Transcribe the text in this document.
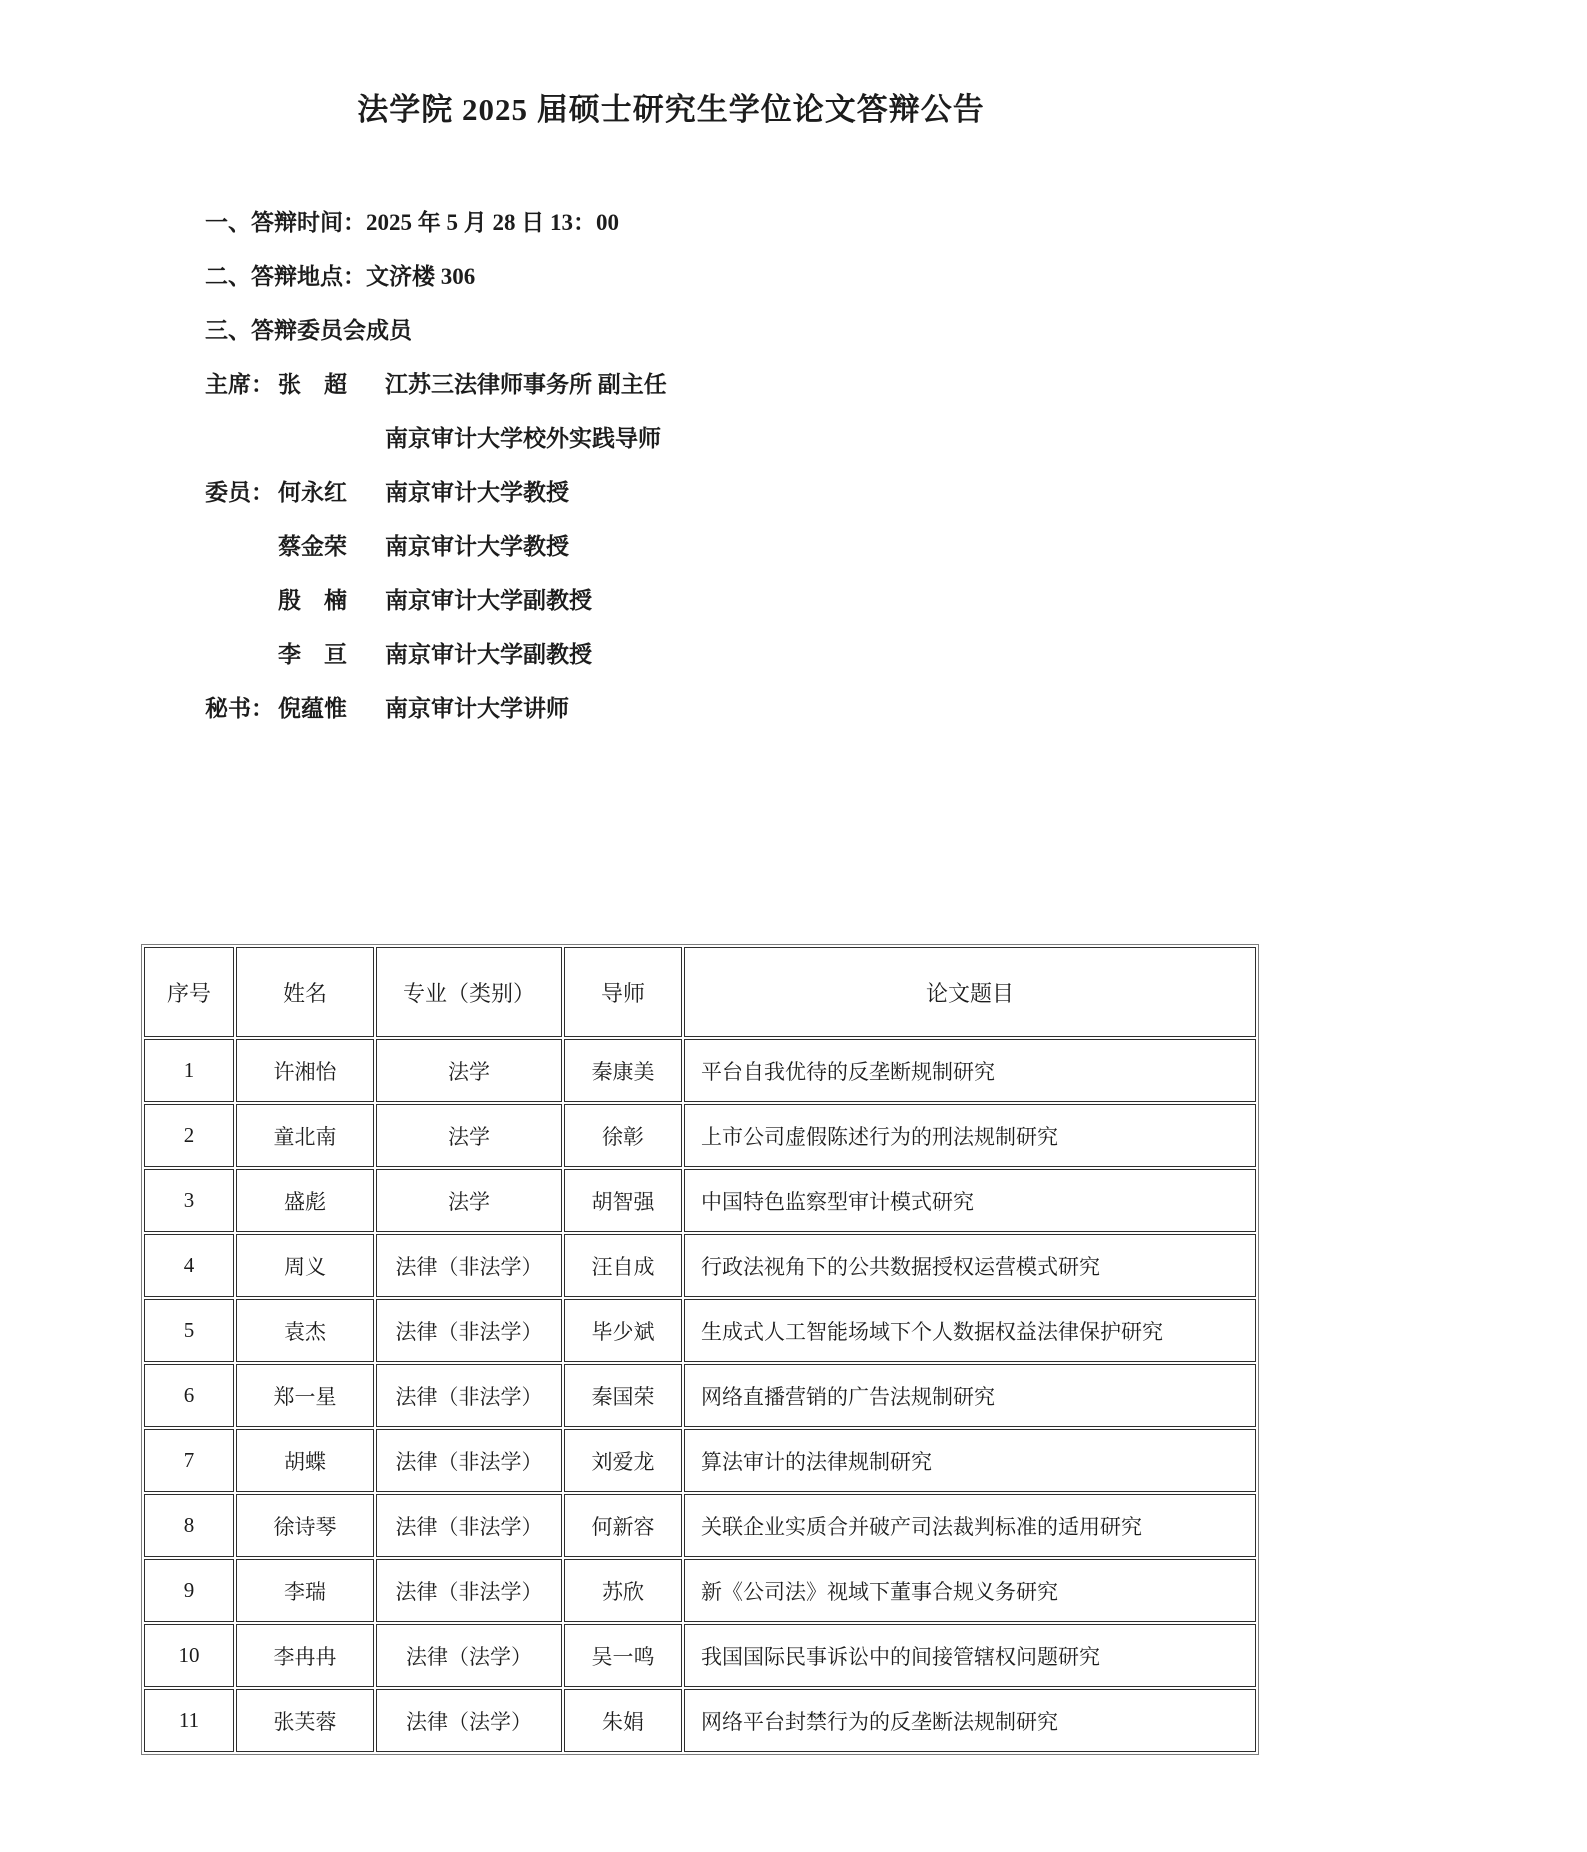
法学院 2025 届硕士研究生学位论文答辩公告

一、答辩时间：2025 年 5 月 28 日 13：00

二、答辩地点：文济楼 306

三、答辩委员会成员

主席： 张　超	江苏三法律师事务所 副主任
南京审计大学校外实践导师
委员： 何永红	南京审计大学教授
蔡金荣	南京审计大学教授
殷　楠	南京审计大学副教授
李　亘	南京审计大学副教授
秘书： 倪蕴惟	南京审计大学讲师
序号	姓名	专业（类别）	导师	论文题目
1	许湘怡	法学	秦康美	平台自我优待的反垄断规制研究
2	童北南	法学	徐彰	上市公司虚假陈述行为的刑法规制研究
3	盛彪	法学	胡智强	中国特色监察型审计模式研究
4	周义	法律（非法学）	汪自成	行政法视角下的公共数据授权运营模式研究
5	袁杰	法律（非法学）	毕少斌	生成式人工智能场域下个人数据权益法律保护研究
6	郑一星	法律（非法学）	秦国荣	网络直播营销的广告法规制研究
7	胡蝶	法律（非法学）	刘爱龙	算法审计的法律规制研究
8	徐诗琴	法律（非法学）	何新容	关联企业实质合并破产司法裁判标准的适用研究
9	李瑞	法律（非法学）	苏欣	新《公司法》视域下董事合规义务研究
10	李冉冉	法律（法学）	吴一鸣	我国国际民事诉讼中的间接管辖权问题研究
11	张芙蓉	法律（法学）	朱娟	网络平台封禁行为的反垄断法规制研究
